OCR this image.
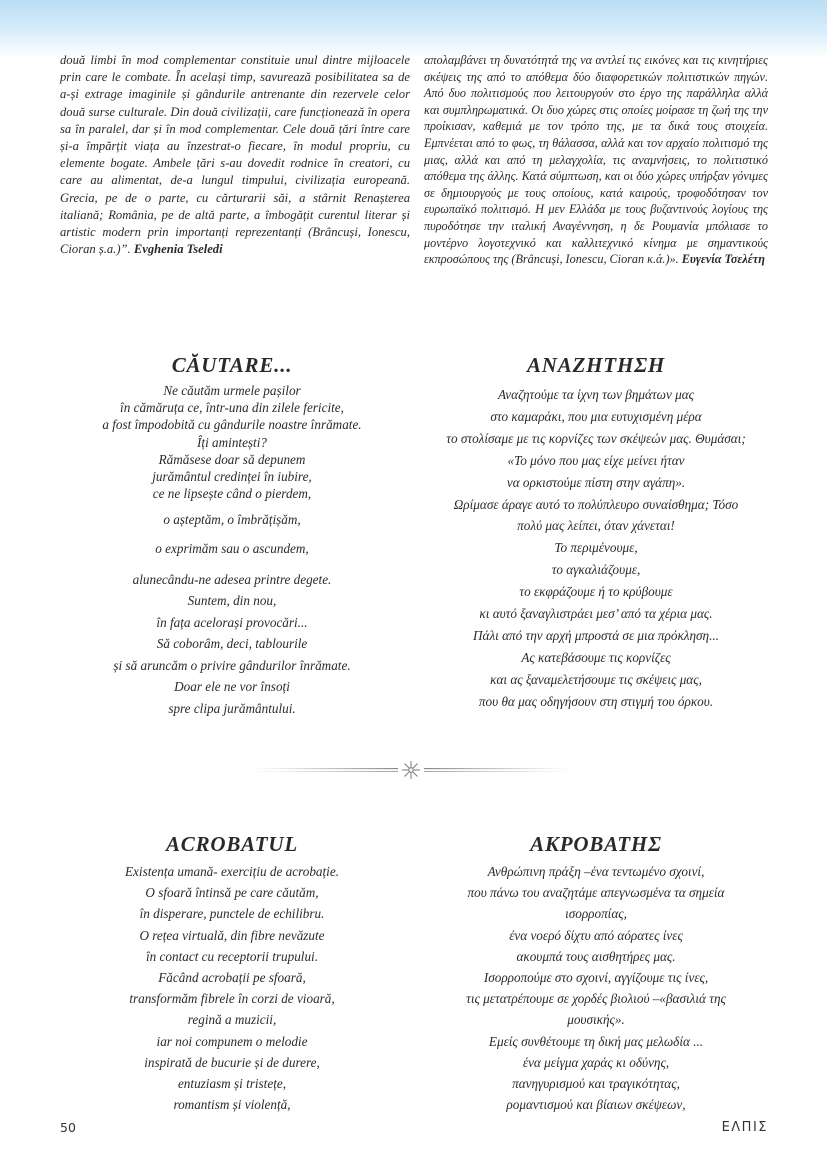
două limbi în mod complementar constituie unul dintre mijloacele prin care le combate. În același timp, savurează posibilitatea sa de a-și extrage imaginile și gândurile antrenante din rezervele celor două surse culturale. Din două civilizații, care funcționează în opera sa în paralel, dar și în mod complementar. Cele două țări între care și-a împărțit viața au înzestrat-o fiecare, în modul propriu, cu elemente bogate. Ambele țări s-au dovedit rodnice în creatori, cu care au alimentat, de-a lungul timpului, civilizația europeană. Grecia, pe de o parte, cu cărturarii săi, a stârnit Renașterea italiană; România, pe de altă parte, a îmbogățit curentul literar și artistic modern prin importanți reprezentanți (Brâncuși, Ionescu, Cioran ș.a.)”. Evghenia Tseledi

απολαμβάνει τη δυνατότητά της να αντλεί τις εικόνες και τις κινητήριες σκέψεις της από το απόθεμα δύο διαφορετικών πολιτιστικών πηγών. Από δυο πολιτισμούς που λειτουργούν στο έργο της παράλληλα αλλά και συμπληρωματικά. Οι δυο χώρες στις οποίες μοίρασε τη ζωή της την προίκισαν, καθεμιά με τον τρόπο της, με τα δικά τους στοιχεία. Εμπνέεται από το φως, τη θάλασσα, αλλά και τον αρχαίο πολιτισμό της μιας, αλλά και από τη μελαγχολία, τις αναμνήσεις, το πολιτιστικό απόθεμα της άλλης. Κατά σύμπτωση, και οι δύο χώρες υπήρξαν γόνιμες σε δημιουργούς με τους οποίους, κατά καιρούς, τροφοδότησαν τον ευρωπαϊκό πολιτισμό. Η μεν Ελλάδα με τους βυζαντινούς λογίους της πυροδότησε την ιταλική Αναγέννηση, η δε Ρουμανία μπόλιασε το μοντέρνο λογοτεχνικό και καλλιτεχνικό κίνημα με σημαντικούς εκπροσώπους της (Brâncuși, Ionescu, Cioran κ.ά.)». Ευγενία Τσελέτη

CĂUTARE...
Ne căutăm urmele pașilor
în cămăruța ce, într-una din zilele fericite,
a fost împodobită cu gândurile noastre înrămate.
Îți amintești?
Rămăsese doar să depunem
jurământul credinței în iubire,
ce ne lipsește când o pierdem,
o așteptăm, o îmbrățișăm,
o exprimăm sau o ascundem,
alunecându-ne adesea printre degete.
Suntem, din nou,
în fața acelorași provocări...
Să coborâm, deci, tablourile
și să aruncăm o privire gândurilor înrămate.
Doar ele ne vor însoți
spre clipa jurământului.
ΑΝΑΖΗΤΗΣΗ
Αναζητούμε τα ίχνη των βημάτων μας
στο καμαράκι, που μια ευτυχισμένη μέρα
το στολίσαμε με τις κορνίζες των σκέψεών μας. Θυμάσαι;
«Το μόνο που μας είχε μείνει ήταν
να ορκιστούμε πίστη στην αγάπη».
Ωρίμασε άραγε αυτό το πολύπλευρο συναίσθημα; Τόσο
πολύ μας λείπει, όταν χάνεται!
Το περιμένουμε,
το αγκαλιάζουμε,
το εκφράζουμε ή το κρύβουμε
κι αυτό ξαναγλιστράει μεσ’ από τα χέρια μας.
Πάλι από την αρχή μπροστά σε μια πρόκληση...
Ας κατεβάσουμε τις κορνίζες
και ας ξαναμελετήσουμε τις σκέψεις μας,
που θα μας οδηγήσουν στη στιγμή του όρκου.
ACROBATUL
Existența umană- exercițiu de acrobație.
O sfoară întinsă pe care căutăm,
în disperare, punctele de echilibru.
O rețea virtuală, din fibre nevăzute
în contact cu receptorii trupului.
Făcând acrobații pe sfoară,
transformăm fibrele în corzi de vioară,
regină a muzicii,
iar noi compunem o melodie
inspirată de bucurie și de durere,
entuziasm și tristețe,
romantism și violență,
ΑΚΡΟΒΑΤΗΣ
Ανθρώπινη πράξη –ένα τεντωμένο σχοινί,
που πάνω του αναζητάμε απεγνωσμένα τα σημεία
ισορροπίας,
ένα νοερό δίχτυ από αόρατες ίνες
ακουμπά τους αισθητήρες μας.
Ισορροπούμε στο σχοινί, αγγίζουμε τις ίνες,
τις μετατρέπουμε σε χορδές βιολιού –«βασιλιά της
μουσικής».
Εμείς συνθέτουμε τη δική μας μελωδία ...
ένα μείγμα χαράς κι οδύνης,
πανηγυρισμού και τραγικότητας,
ρομαντισμού και βίαιων σκέψεων,
50	ΕΛΠΙΣ
